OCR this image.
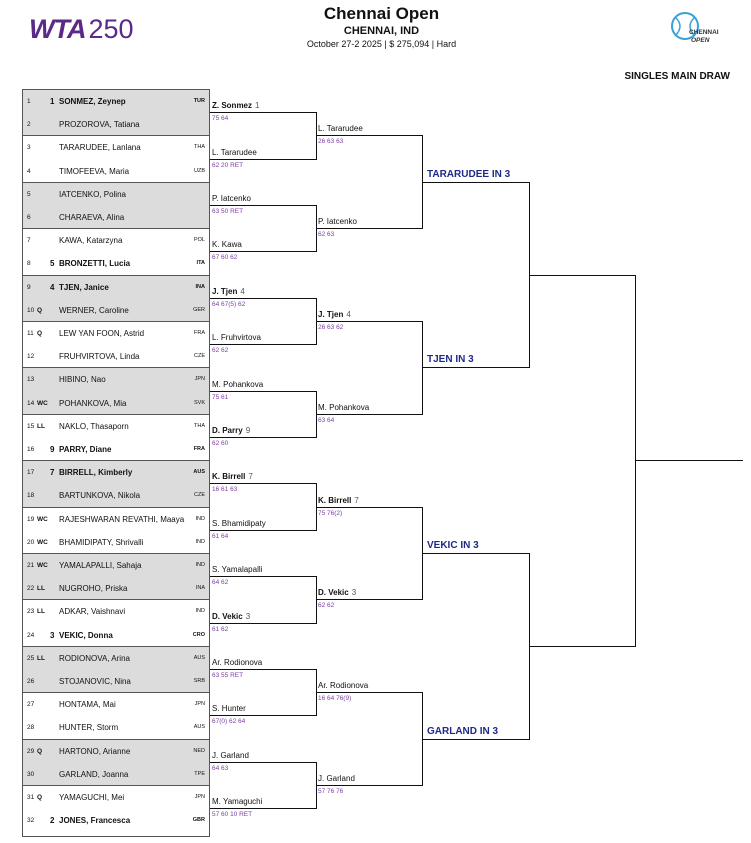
WTA 250
Chennai Open
CHENNAI, IND
October 27-2 2025 | $ 275,094 | Hard
SINGLES MAIN DRAW
CHENNAI
OPEN
1 1 SONMEZ, Zeynep	TUR
2	PROZOROVA, Tatiana
3	TARARUDEE, Lanlana	THA
4	TIMOFEEVA, Maria	UZB
5	IATCENKO, Polina
6	CHARAEVA, Alina
7	KAWA, Katarzyna	POL
8 5 BRONZETTI, Lucia	ITA
9 4 TJEN, Janice	INA
10 Q WERNER, Caroline	GER
11 Q LEW YAN FOON, Astrid	FRA
12	FRUHVIRTOVA, Linda	CZE
13	HIBINO, Nao	JPN
14 WC POHANKOVA, Mia	SVK
15 LL NAKLO, Thasaporn	THA
16 9 PARRY, Diane	FRA
17 7 BIRRELL, Kimberly	AUS
18	BARTUNKOVA, Nikola	CZE
19 WC RAJESHWARAN REVATHI, Maaya IND
20 WC BHAMIDIPATY, Shrivalli	IND
21 WC YAMALAPALLI, Sahaja	IND
22 LL NUGROHO, Priska	INA
23 LL ADKAR, Vaishnavi	IND
24 3 VEKIC, Donna	CRO
25 LL RODIONOVA, Arina	AUS
26	STOJANOVIC, Nina	SRB
27	HONTAMA, Mai	JPN
28	HUNTER, Storm	AUS
29 Q HARTONO, Arianne	NED
30	GARLAND, Joanna	TPE
31 Q YAMAGUCHI, Mei	JPN
32 2 JONES, Francesca	GBR
Z. Sonmez 1
75 64
L. Tararudee
62 20 RET
P. Iatcenko
63 50 RET
K. Kawa
67 60 62
J. Tjen 4
64 67(5) 62
L. Fruhvirtova
62 62
M. Pohankova
75 61
D. Parry 9
62 60
K. Birrell 7
16 61 63
S. Bhamidipaty
61 64
S. Yamalapalli
64 62
D. Vekic 3
61 62
Ar. Rodionova
63 55 RET
S. Hunter
67(0) 62 64
J. Garland
64 63
M. Yamaguchi
57 60 10 RET
L. Tararudee
26 63 63
P. Iatcenko
62 63
J. Tjen 4
26 63 62
M. Pohankova
63 64
K. Birrell 7
75 76(2)
D. Vekic 3
62 62
Ar. Rodionova
16 64 76(9)
J. Garland
57 76 76
TARARUDEE IN 3
TJEN IN 3
VEKIC IN 3
GARLAND IN 3
